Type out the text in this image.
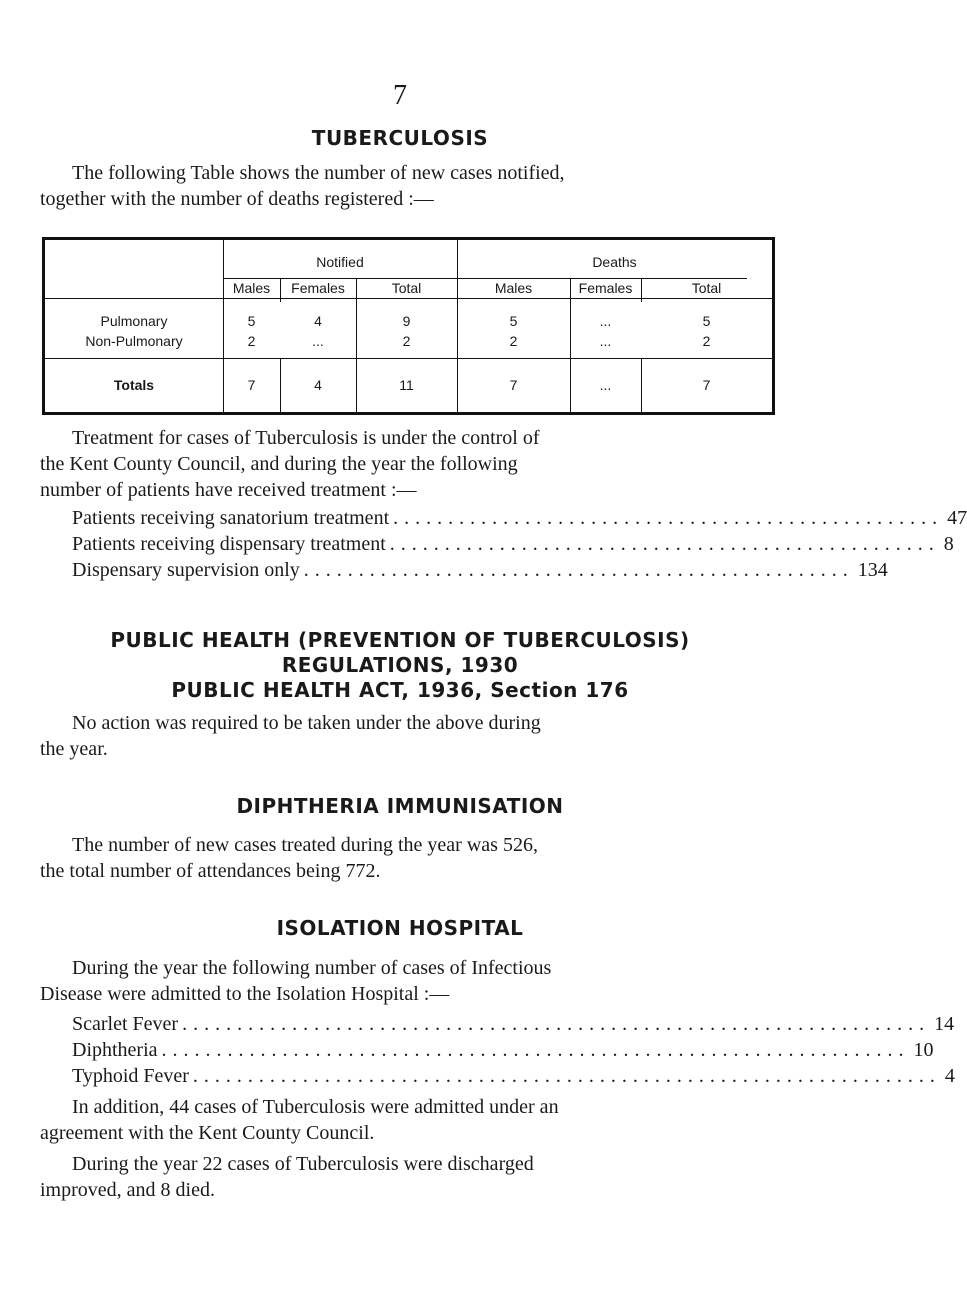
7
TUBERCULOSIS
The following Table shows the number of new cases notified,
together with the number of deaths registered :—
Notified	Deaths
Males	Females	Total	Males	Females	Total
Pulmonary	5	4	9	5	...	5
Non-Pulmonary	2	...	2	2	...	2
Totals	7	4	11	7	...	7
Treatment for cases of Tuberculosis is under the control of
the Kent County Council, and during the year the following
number of patients have received treatment :—
Patients receiving sanatorium treatment .................................................. 47
Patients receiving dispensary treatment .................................................. 8
Dispensary supervision only .................................................. 134
PUBLIC HEALTH (PREVENTION OF TUBERCULOSIS)
REGULATIONS, 1930
PUBLIC HEALTH ACT, 1936, Section 176
No action was required to be taken under the above during
the year.
DIPHTHERIA IMMUNISATION
The number of new cases treated during the year was 526,
the total number of attendances being 772.
ISOLATION HOSPITAL
During the year the following number of cases of Infectious
Disease were admitted to the Isolation Hospital :—
Scarlet Fever .................................................................... 14
Diphtheria .................................................................... 10
Typhoid Fever .................................................................... 4
In addition, 44 cases of Tuberculosis were admitted under an
agreement with the Kent County Council.
During the year 22 cases of Tuberculosis were discharged
improved, and 8 died.
